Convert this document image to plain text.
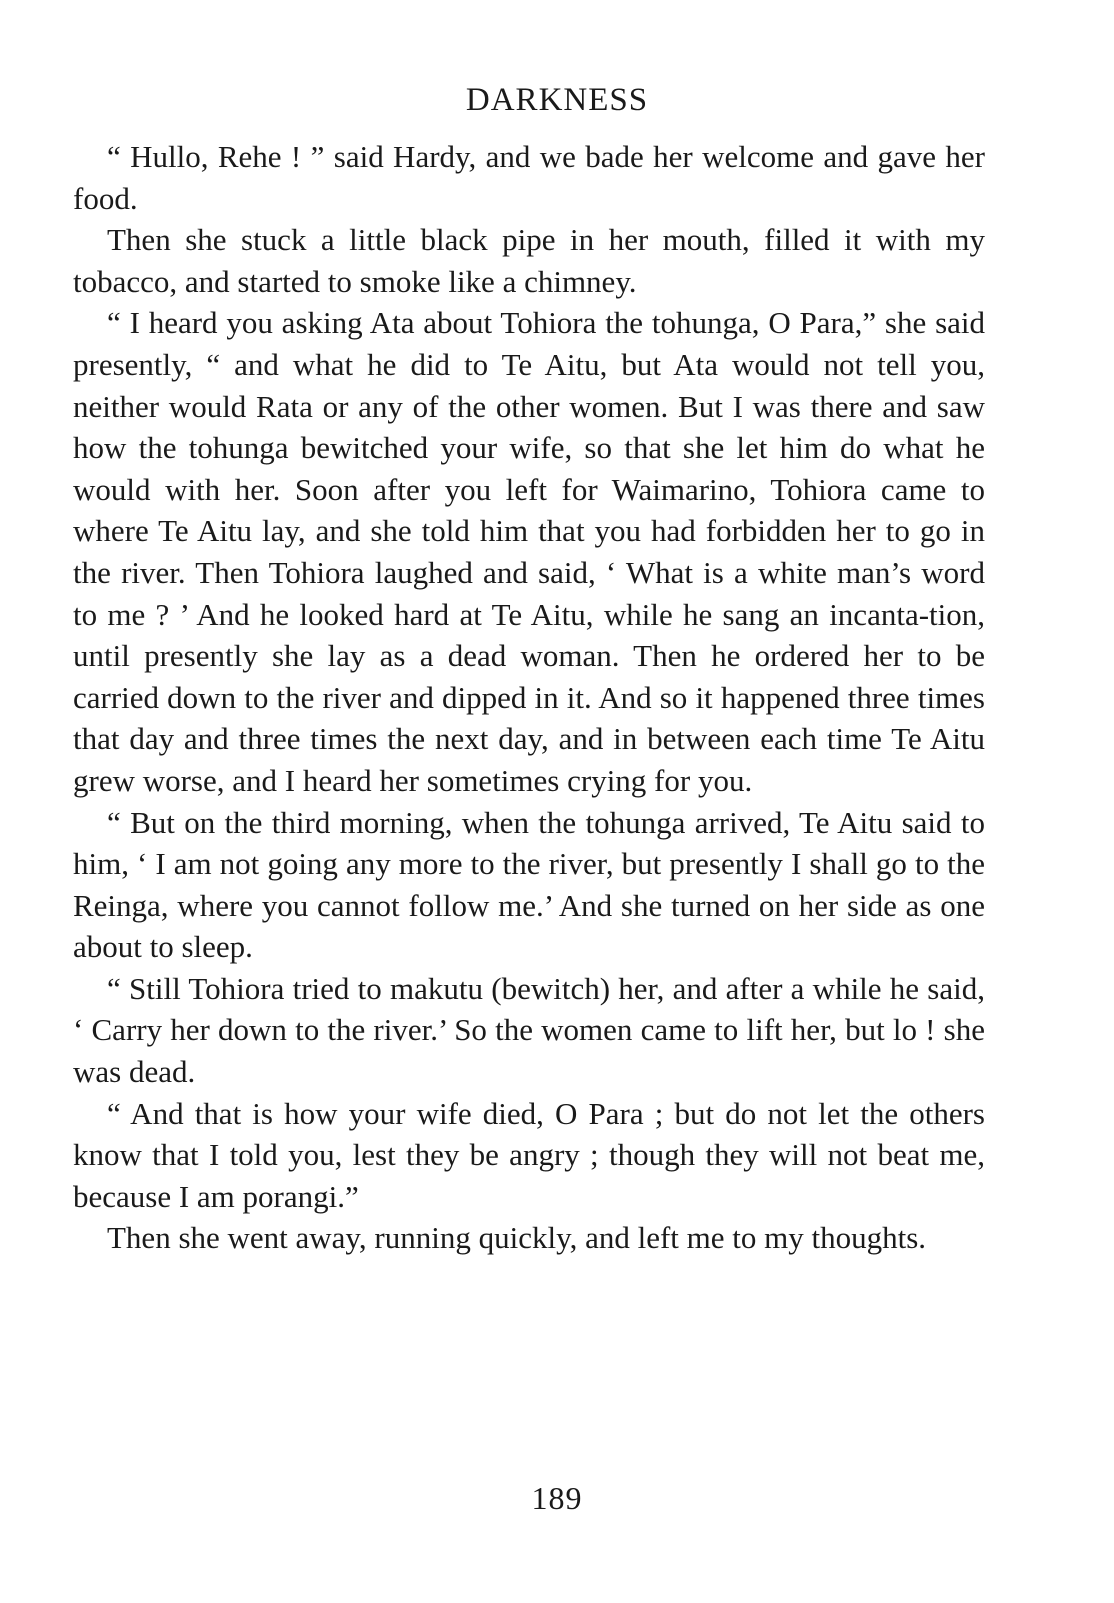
DARKNESS

“ Hullo, Rehe ! ” said Hardy, and we bade her welcome and gave her food.

Then she stuck a little black pipe in her mouth, filled it with my tobacco, and started to smoke like a chimney.

“ I heard you asking Ata about Tohiora the tohunga, O Para,” she said presently, “ and what he did to Te Aitu, but Ata would not tell you, neither would Rata or any of the other women. But I was there and saw how the tohunga bewitched your wife, so that she let him do what he would with her. Soon after you left for Waimarino, Tohiora came to where Te Aitu lay, and she told him that you had forbidden her to go in the river. Then Tohiora laughed and said, ‘ What is a white man’s word to me ? ’ And he looked hard at Te Aitu, while he sang an incanta-tion, until presently she lay as a dead woman. Then he ordered her to be carried down to the river and dipped in it. And so it happened three times that day and three times the next day, and in between each time Te Aitu grew worse, and I heard her sometimes crying for you.

“ But on the third morning, when the tohunga arrived, Te Aitu said to him, ‘ I am not going any more to the river, but presently I shall go to the Reinga, where you cannot follow me.’ And she turned on her side as one about to sleep.

“ Still Tohiora tried to makutu (bewitch) her, and after a while he said, ‘ Carry her down to the river.’ So the women came to lift her, but lo ! she was dead.

“ And that is how your wife died, O Para ; but do not let the others know that I told you, lest they be angry ; though they will not beat me, because I am porangi.”

Then she went away, running quickly, and left me to my thoughts.

189
